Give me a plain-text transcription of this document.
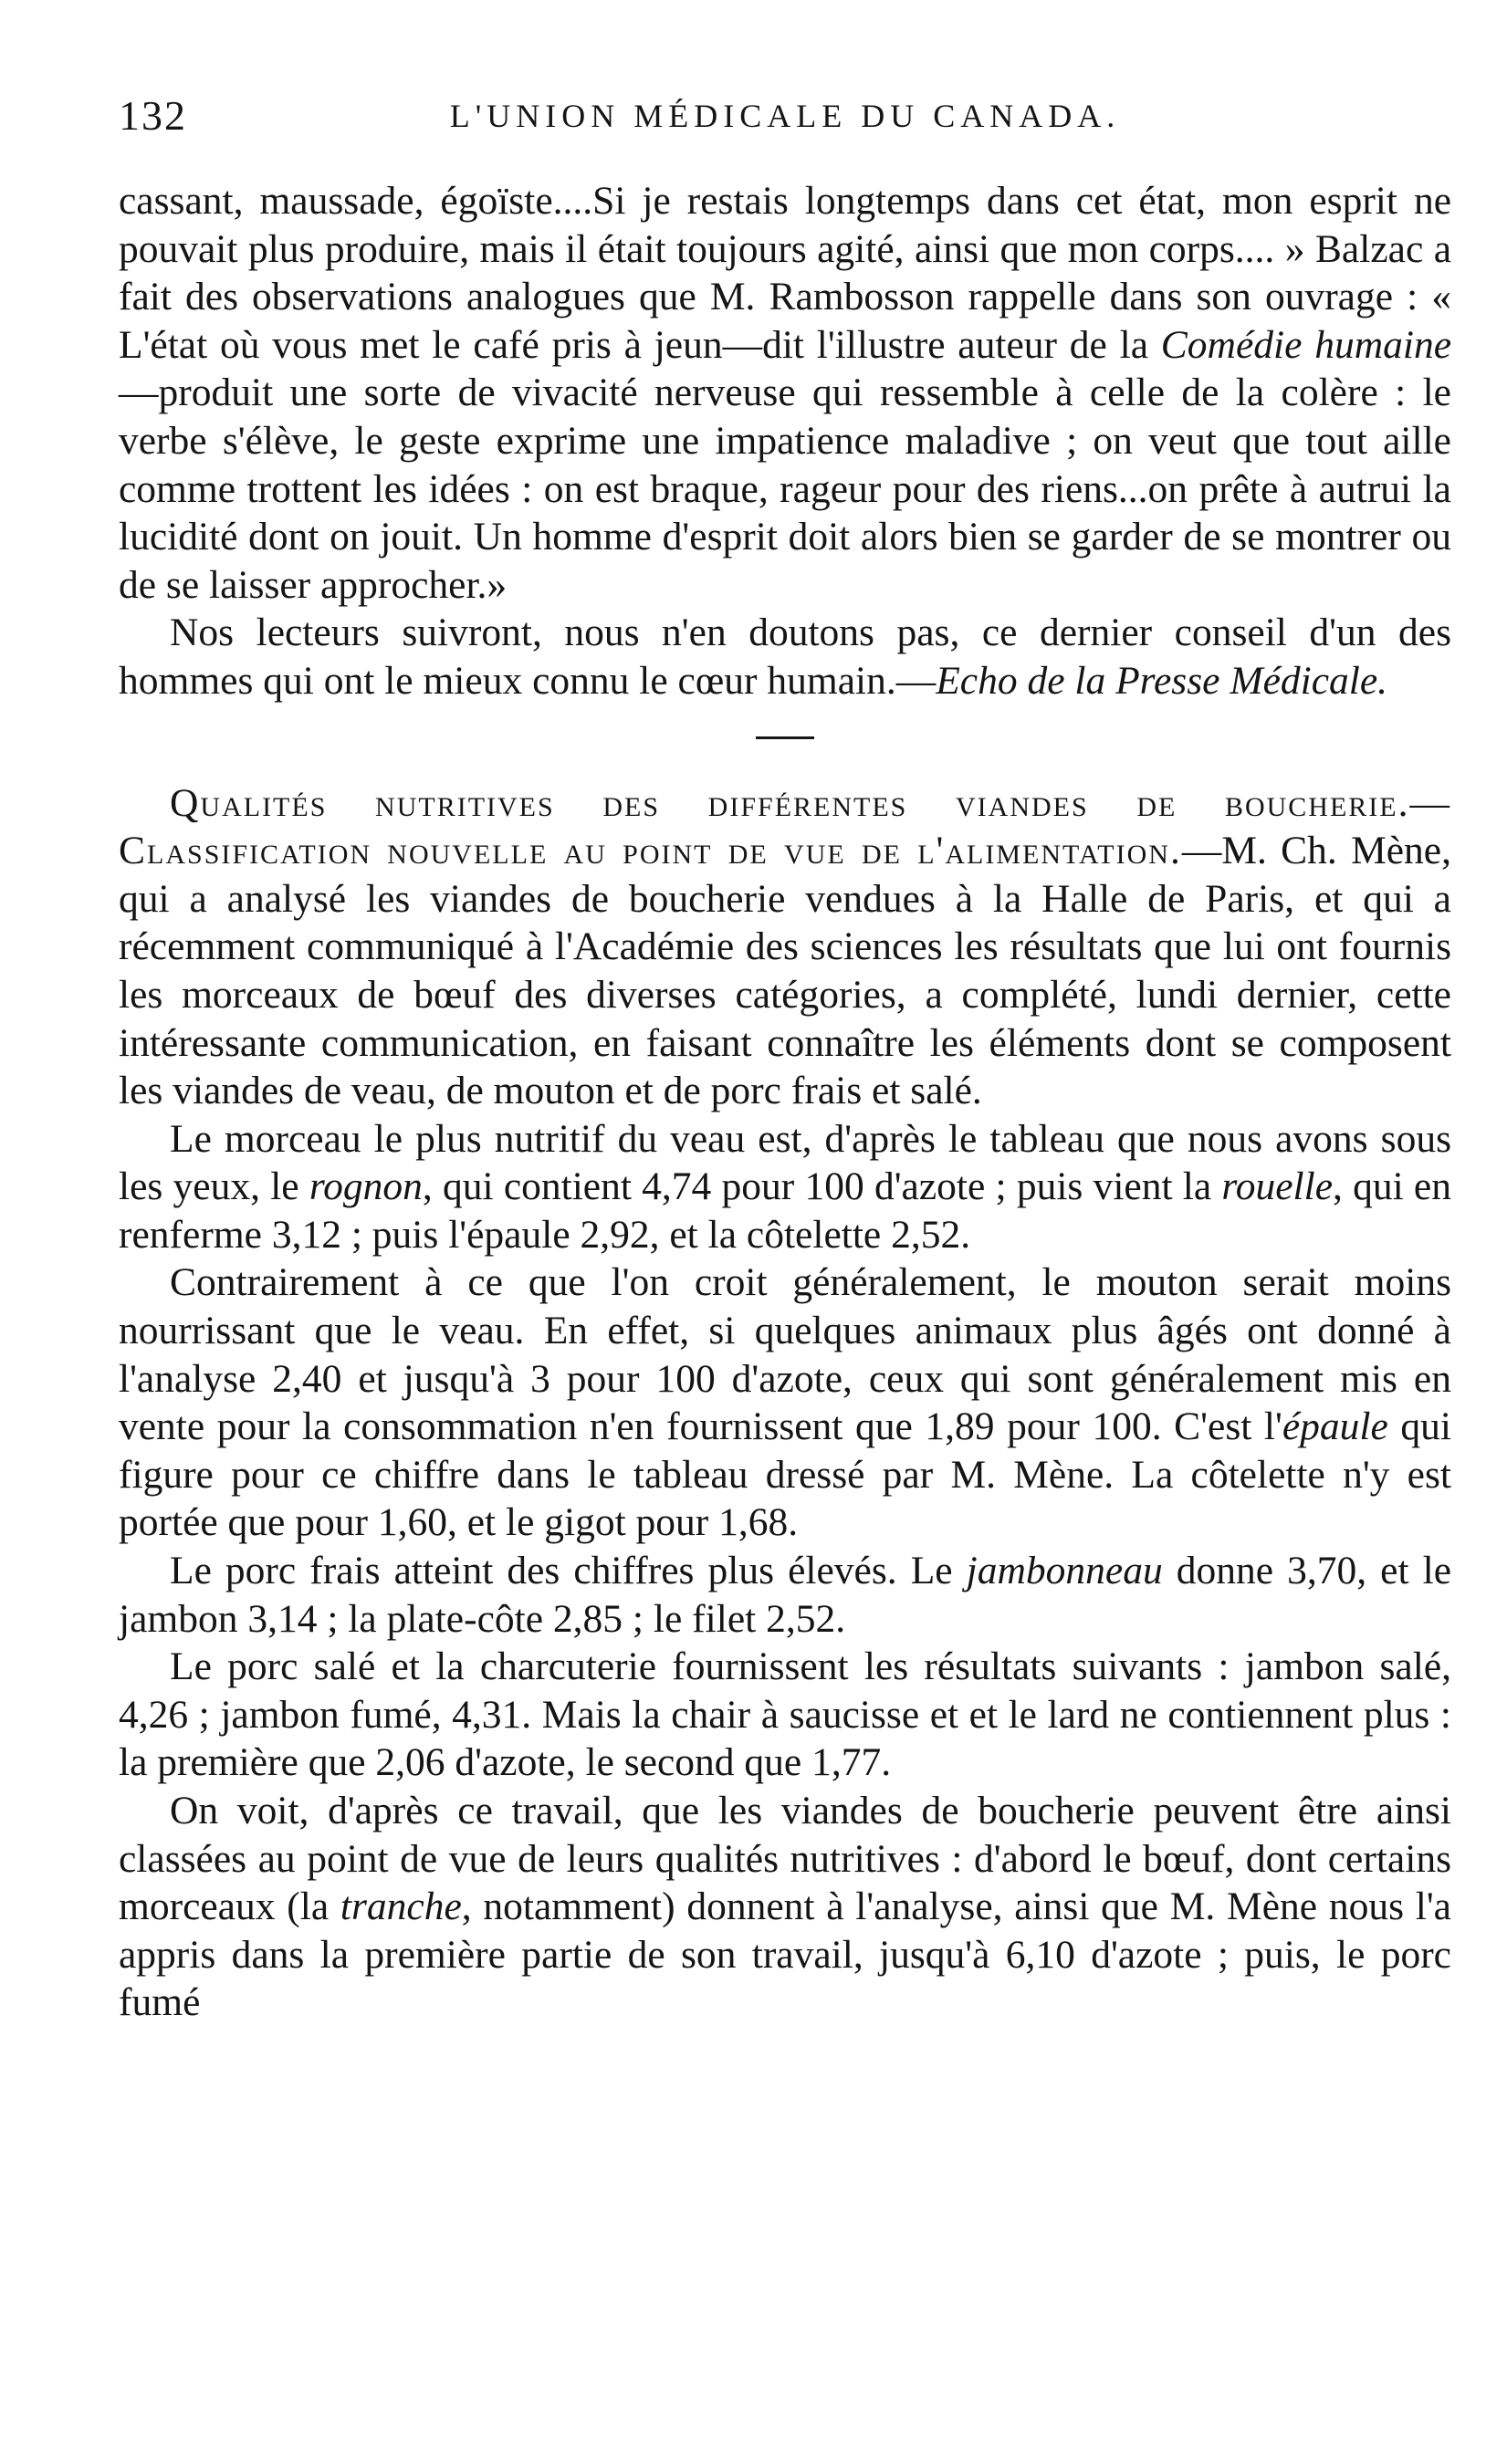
132	L'UNION MÉDICALE DU CANADA.

cassant, maussade, égoïste....Si je restais longtemps dans cet état, mon esprit ne pouvait plus produire, mais il était toujours agité, ainsi que mon corps.... » Balzac a fait des observations analogues que M. Rambosson rappelle dans son ouvrage : « L'état où vous met le café pris à jeun—dit l'illustre auteur de la Comédie humaine—produit une sorte de vivacité nerveuse qui ressemble à celle de la colère : le verbe s'élève, le geste exprime une impatience maladive ; on veut que tout aille comme trottent les idées : on est braque, rageur pour des riens...on prête à autrui la lucidité dont on jouit. Un homme d'esprit doit alors bien se garder de se montrer ou de se laisser approcher.»

Nos lecteurs suivront, nous n'en doutons pas, ce dernier conseil d'un des hommes qui ont le mieux connu le cœur humain.—Echo de la Presse Médicale.

Qualités nutritives des différentes viandes de boucherie.—Classification nouvelle au point de vue de l'alimentation.—M. Ch. Mène, qui a analysé les viandes de boucherie vendues à la Halle de Paris, et qui a récemment communiqué à l'Académie des sciences les résultats que lui ont fournis les morceaux de bœuf des diverses catégories, a complété, lundi dernier, cette intéressante communication, en faisant connaître les éléments dont se composent les viandes de veau, de mouton et de porc frais et salé.

Le morceau le plus nutritif du veau est, d'après le tableau que nous avons sous les yeux, le rognon, qui contient 4,74 pour 100 d'azote ; puis vient la rouelle, qui en renferme 3,12 ; puis l'épaule 2,92, et la côtelette 2,52.

Contrairement à ce que l'on croit généralement, le mouton serait moins nourrissant que le veau. En effet, si quelques animaux plus âgés ont donné à l'analyse 2,40 et jusqu'à 3 pour 100 d'azote, ceux qui sont généralement mis en vente pour la consommation n'en fournissent que 1,89 pour 100. C'est l'épaule qui figure pour ce chiffre dans le tableau dressé par M. Mène. La côtelette n'y est portée que pour 1,60, et le gigot pour 1,68.

Le porc frais atteint des chiffres plus élevés. Le jambonneau donne 3,70, et le jambon 3,14 ; la plate-côte 2,85 ; le filet 2,52.

Le porc salé et la charcuterie fournissent les résultats suivants : jambon salé, 4,26 ; jambon fumé, 4,31. Mais la chair à saucisse et et le lard ne contiennent plus : la première que 2,06 d'azote, le second que 1,77.

On voit, d'après ce travail, que les viandes de boucherie peuvent être ainsi classées au point de vue de leurs qualités nutritives : d'abord le bœuf, dont certains morceaux (la tranche, notamment) donnent à l'analyse, ainsi que M. Mène nous l'a appris dans la première partie de son travail, jusqu'à 6,10 d'azote ; puis, le porc fumé
